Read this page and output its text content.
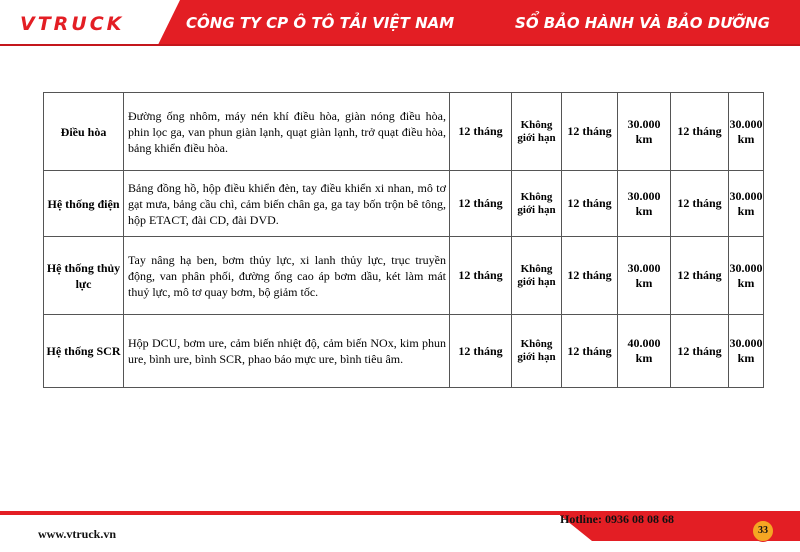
VTRUCK	CÔNG TY CP Ô TÔ TẢI VIỆT NAM	SỔ BẢO HÀNH VÀ BẢO DƯỠNG
Điều hòa	Đường ống nhôm, máy nén khí điều hòa, giàn nóng điều hòa, phin lọc ga, van phun giàn lạnh, quạt giàn lạnh, trở quạt điều hòa, bảng khiển điều hòa.	12 tháng	Không giới hạn	12 tháng	30.000 km	12 tháng	30.000 km
Hệ thống điện	Bảng đồng hồ, hộp điều khiển đèn, tay điều khiển xi nhan, mô tơ gạt mưa, bảng cầu chì, cảm biến chân ga, ga tay bốn trộn bê tông, hộp ETACT, đài CD, đài DVD.	12 tháng	Không giới hạn	12 tháng	30.000 km	12 tháng	30.000 km
Hệ thống thủy lực	Tay nâng hạ ben, bơm thủy lực, xi lanh thủy lực, trục truyền động, van phân phối, đường ống cao áp bơm dầu, két làm mát thuỷ lực, mô tơ quay bơm, bộ giảm tốc.	12 tháng	Không giới hạn	12 tháng	30.000 km	12 tháng	30.000 km
Hệ thống SCR	Hộp DCU, bơm ure, cảm biến nhiệt độ, cảm biến NOx, kim phun ure, bình ure, bình SCR, phao báo mực ure, bình tiêu âm.	12 tháng	Không giới hạn	12 tháng	40.000 km	12 tháng	30.000 km
Hotline: 0936 08 08 68
www.vtruck.vn	33
